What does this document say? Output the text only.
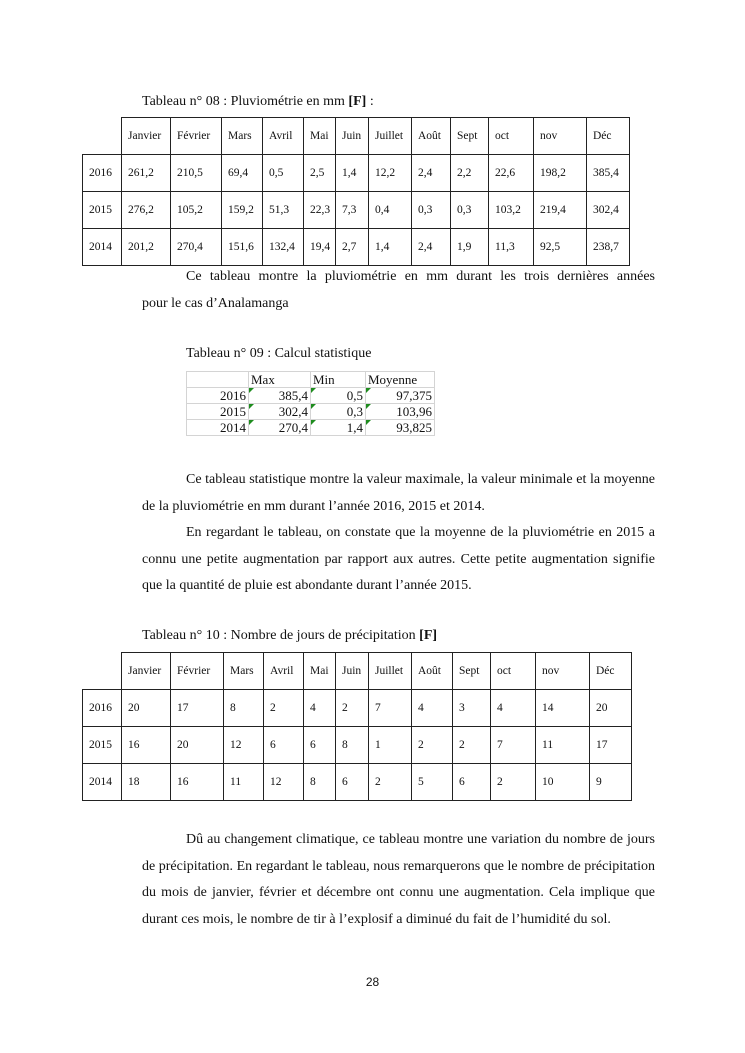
Tableau n° 08 : Pluviométrie en mm [F] :
	Janvier	Février	Mars	Avril	Mai	Juin	Juillet	Août	Sept	oct	nov	Déc
2016	261,2	210,5	69,4	0,5	2,5	1,4	12,2	2,4	2,2	22,6	198,2	385,4
2015	276,2	105,2	159,2	51,3	22,3	7,3	0,4	0,3	0,3	103,2	219,4	302,4
2014	201,2	270,4	151,6	132,4	19,4	2,7	1,4	2,4	1,9	11,3	92,5	238,7

Ce tableau montre la pluviométrie en mm durant les trois dernières années

pour le cas d’Analamanga

Tableau n° 09 : Calcul statistique
	Max	Min	Moyenne
2016	385,4	0,5	97,375
2015	302,4	0,3	103,96
2014	270,4	1,4	93,825

Ce tableau statistique montre la valeur maximale, la valeur minimale et la moyenne de la pluviométrie en mm durant l’année 2016, 2015 et 2014.

En regardant le tableau, on constate que la moyenne de la pluviométrie en 2015 a connu une petite augmentation par rapport aux autres. Cette petite augmentation signifie que la quantité de pluie est abondante durant l’année 2015.

Tableau n° 10 : Nombre de jours de précipitation [F]
	Janvier	Février	Mars	Avril	Mai	Juin	Juillet	Août	Sept	oct	nov	Déc
2016	20	17	8	2	4	2	7	4	3	4	14	20
2015	16	20	12	6	6	8	1	2	2	7	11	17
2014	18	16	11	12	8	6	2	5	6	2	10	9

Dû au changement climatique, ce tableau montre une variation du nombre de jours de précipitation. En regardant le tableau, nous remarquerons que le nombre de précipitation du mois de janvier, février et décembre ont connu une augmentation. Cela implique que durant ces mois, le nombre de tir à l’explosif a diminué du fait de l’humidité du sol.

28
